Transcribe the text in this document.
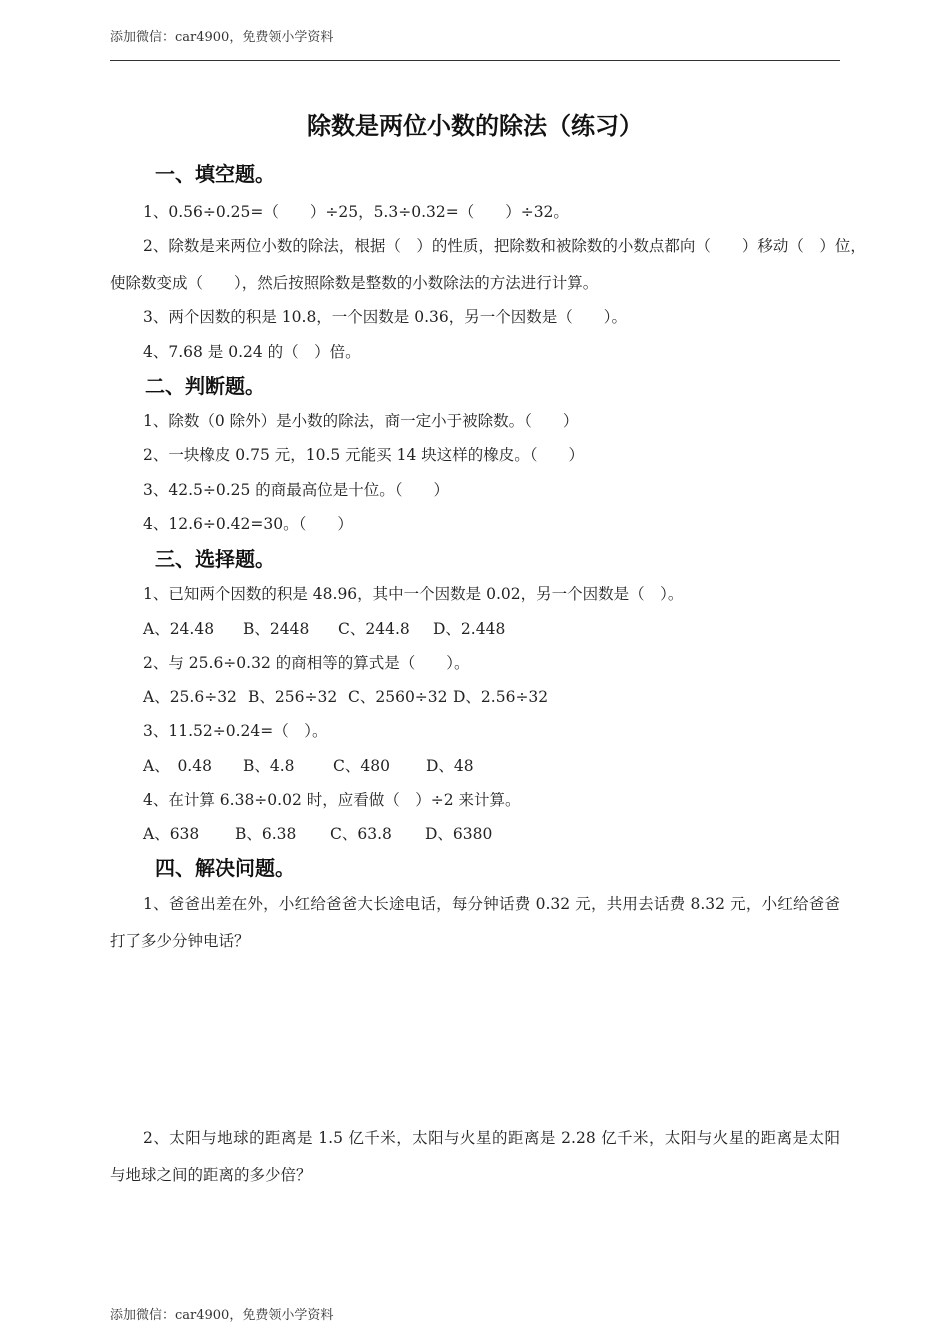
添加微信：car4900，免费领小学资料
除数是两位小数的除法（练习）
一、填空题。
1、0.56÷0.25=（　　）÷25，5.3÷0.32=（　　）÷32。
2、除数是来两位小数的除法，根据（　）的性质，把除数和被除数的小数点都向（　　）移动（　）位，
使除数变成（　　），然后按照除数是整数的小数除法的方法进行计算。
3、两个因数的积是 10.8，一个因数是 0.36，另一个因数是（　　）。
4、7.68 是 0.24 的（　）倍。
二、判断题。
1、除数（0 除外）是小数的除法，商一定小于被除数。（　　）
2、一块橡皮 0.75 元，10.5 元能买 14 块这样的橡皮。（　　）
3、42.5÷0.25 的商最高位是十位。（　　）
4、12.6÷0.42=30。（　　）
三、选择题。
1、已知两个因数的积是 48.96，其中一个因数是 0.02，另一个因数是（　）。
A、24.48 B、2448 C、244.8 D、2.448
2、与 25.6÷0.32 的商相等的算式是（　　）。
A、25.6÷32 B、256÷32 C、2560÷32 D、2.56÷32
3、11.52÷0.24=（　）。
A、　0.48 B、4.8 C、480 D、48
4、在计算 6.38÷0.02 时，应看做（　）÷2 来计算。
A、638 B、6.38 C、63.8 D、6380
四、解决问题。
1、爸爸出差在外，小红给爸爸大长途电话，每分钟话费 0.32 元，共用去话费 8.32 元，小红给爸爸
打了多少分钟电话？
2、太阳与地球的距离是 1.5 亿千米，太阳与火星的距离是 2.28 亿千米，太阳与火星的距离是太阳
与地球之间的距离的多少倍？
添加微信：car4900，免费领小学资料
